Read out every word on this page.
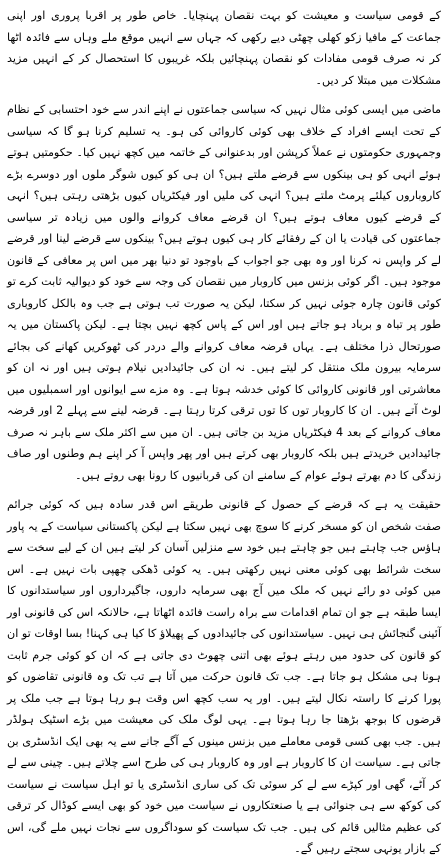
کے قومی سیاست و معیشت کو بہت نقصان پہنچایا۔ خاص طور پر اقربا پروری اور اپنی جماعت کے مافیا زکو کھلی چھٹی دیے رکھی کہ جہاں سے انہیں موقع ملے وہاں سے فائدہ اٹھا کر نہ صرف قومی مفادات کو نقصان پہنچائیں بلکہ غریبوں کا استحصال کر کے انہیں مزید مشکلات میں مبتلا کر دیں۔

ماضی میں ایسی کوئی مثال نہیں کہ سیاسی جماعتوں نے اپنے اندر سے خود احتسابی کے نظام کے تحت ایسے افراد کے خلاف بھی کوئی کاروائی کی ہو۔ یہ تسلیم کرنا ہو گا کہ سیاسی وجمہوری حکومتوں نے عملاً کرپشن اور بدعنوانی کے خاتمہ میں کچھ نہیں کیا۔ حکومتیں ہوتے ہوئے انہی کو ہی بینکوں سے قرضے ملتے ہیں؟ ان ہی کو کیوں شوگر ملوں اور دوسرے بڑے کاروباروں کیلئے پرمٹ ملتے ہیں؟ انہی کی ملیں اور فیکٹریاں کیوں بڑھتی رہتی ہیں؟ انہی کے قرضے کیوں معاف ہوتے ہیں؟ ان قرضے معاف کروانے والوں میں زیادہ تر سیاسی جماعتوں کی قیادت یا ان کے رفقائے کار ہی کیوں ہوتے ہیں؟ بینکوں سے قرضے لینا اور قرضے لے کر واپس نہ کرنا اور وہ بھی جو اجواب کے باوجود تو دنیا بھر میں اس پر معافی کے قانون موجود ہیں۔ اگر کوئی بزنس میں کاروبار میں نقصان کی وجہ سے خود کو دیوالیہ ثابت کرے تو کوئی قانون چارہ جوئی نہیں کر سکتا، لیکن یہ صورت تب ہوتی ہے جب وہ بالکل کاروباری طور پر تباہ و برباد ہو جاتے ہیں اور اس کے پاس کچھ نہیں بچتا ہے۔ لیکن پاکستان میں یہ صورتحال ذرا مختلف ہے۔ یہاں قرضہ معاف کروانے والے دردر کی ٹھوکریں کھانے کی بجائے سرمایہ بیرون ملک منتقل کر لیتے ہیں۔ نہ ان کی جائیدادیں نیلام ہوتی ہیں اور نہ ان کو معاشرتی اور قانونی کاروائی کا کوئی خدشہ ہوتا ہے۔ وہ مزے سے ایوانوں اور اسمبلیوں میں لوٹ آتے ہیں۔ ان کا کاروبار توں کا توں ترقی کرتا رہتا ہے۔ قرضہ لینے سے پہلے 2 اور قرضہ معاف کروانے کے بعد 4 فیکٹریاں مزید بن جاتی ہیں۔ ان میں سے اکثر ملک سے باہر نہ صرف جائیدادیں خریدتے ہیں بلکہ کاروبار بھی کرتے ہیں اور پھر واپس آ کر اپنے ہم وطنوں اور صاف زندگی کا دم بھرتے ہوئے عوام کے سامنے ان کی قربانیوں کا رونا بھی روتے ہیں۔

حقیقت یہ ہے کہ قرضے کے حصول کے قانونی طریقے اس قدر سادہ ہیں کہ کوئی جرائم صفت شخص ان کو مسخر کرنے کا سوچ بھی نہیں سکتا ہے لیکن پاکستانی سیاست کے یہ پاور ہاؤس جب چاہتے ہیں جو چاہتے ہیں خود سے منزلیں آسان کر لیتے ہیں ان کے لیے سخت سے سخت شرائط بھی کوئی معنی نہیں رکھتی ہیں۔ یہ کوئی ڈھکی چھپی بات نہیں ہے۔ اس میں کوئی دو رائے نہیں کہ ملک میں آج بھی سرمایہ داروں، جاگیرداروں اور سیاستدانوں کا ایسا طبقہ ہے جو ان تمام اقدامات سے براہ راست فائدہ اٹھاتا ہے، حالانکہ اس کی قانونی اور آئینی گنجائش ہی نہیں۔ سیاستدانوں کی جائیدادوں کے پھیلاؤ کا کیا ہی کہنا! بسا اوقات تو ان کو قانون کی حدود میں رہتے ہوئے بھی اتنی چھوٹ دی جاتی ہے کہ ان کو کوئی جرم ثابت ہونا ہی مشکل ہو جاتا ہے۔ جب تک قانون حرکت میں آتا ہے تب تک وہ قانونی تقاضوں کو پورا کرنے کا راستہ نکال لیتے ہیں۔ اور یہ سب کچھ اس وقت ہو رہا ہوتا ہے جب ملک پر قرضوں کا بوجھ بڑھتا جا رہا ہوتا ہے۔ یہی لوگ ملک کی معیشت میں بڑے اسٹیک ہولڈر ہیں۔ جب بھی کسی قومی معاملے میں بزنس مینوں کے آگے جانے سے یہ بھی ایک انڈسٹری بن جاتی ہے۔ سیاست ان کا کاروبار ہے اور وہ کاروبار ہی کی طرح اسے چلاتے ہیں۔ چینی سے لے کر آٹے، گھی اور کپڑے سے لے کر سوئی تک کی ساری انڈسٹری یا تو اہل سیاست نے سیاست کی کوکھ سے ہی جنوائی ہے یا صنعتکاروں نے سیاست میں خود کو بھی ایسے کوڈال کر ترقی کی عظیم مثالیں قائم کی ہیں۔ جب تک سیاست کو سوداگروں سے نجات نہیں ملے گی، اس کے بازار یونہی سجتے رہیں گے۔
